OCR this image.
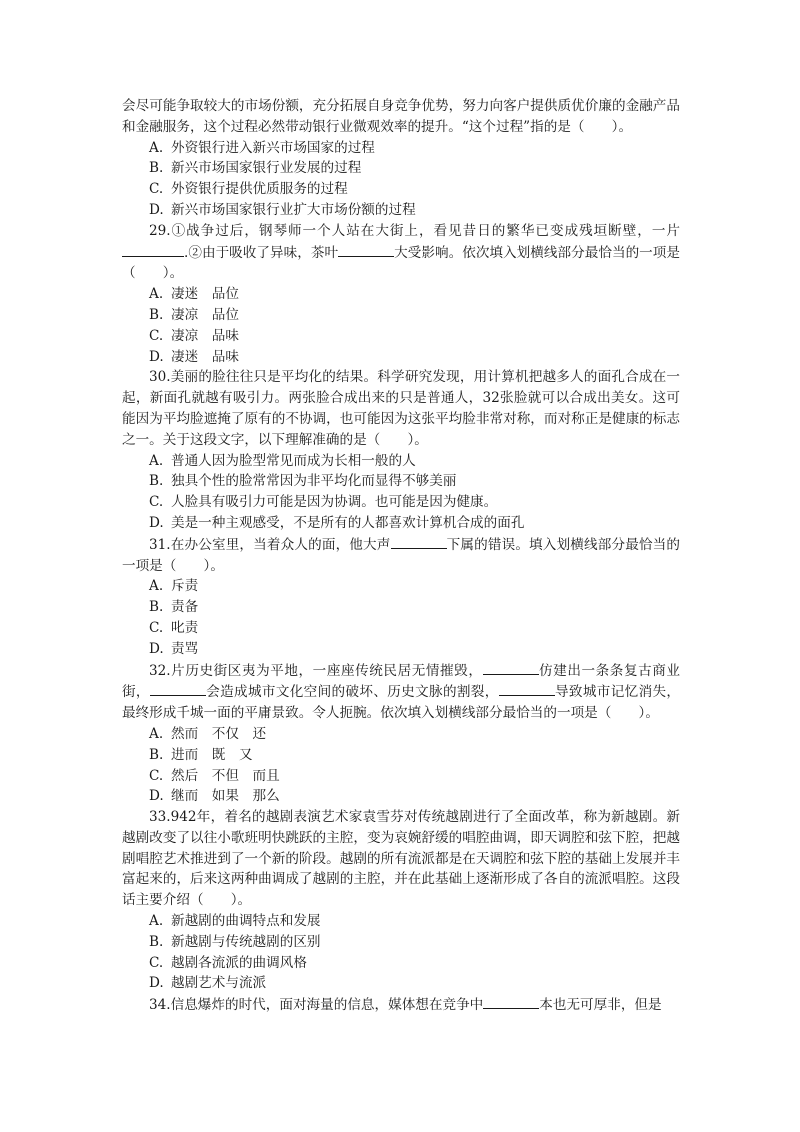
会尽可能争取较大的市场份额，充分拓展自身竞争优势，努力向客户提供质优价廉的金融产品和金融服务，这个过程必然带动银行业微观效率的提升。“这个过程”指的是（　　）。

A. 外资银行进入新兴市场国家的过程

B. 新兴市场国家银行业发展的过程

C. 外资银行提供优质服务的过程

D. 新兴市场国家银行业扩大市场份额的过程

29.①战争过后，钢琴师一个人站在大街上，看见昔日的繁华已变成残垣断壁，一片.②由于吸收了异味，茶叶	大受影响。依次填入划横线部分最恰当的一项是（　　）。

A. 凄迷　品位

B. 凄凉　品位

C. 凄凉　品味

D. 凄迷　品味

30.美丽的脸往往只是平均化的结果。科学研究发现，用计算机把越多人的面孔合成在一起，新面孔就越有吸引力。两张脸合成出来的只是普通人，32张脸就可以合成出美女。这可能因为平均脸遮掩了原有的不协调，也可能因为这张平均脸非常对称，而对称正是健康的标志之一。关于这段文字，以下理解准确的是（　　）。

A. 普通人因为脸型常见而成为长相一般的人

B. 独具个性的脸常常因为非平均化而显得不够美丽

C. 人脸具有吸引力可能是因为协调。也可能是因为健康。

D. 美是一种主观感受，不是所有的人都喜欢计算机合成的面孔

31.在办公室里，当着众人的面，他大声	下属的错误。填入划横线部分最恰当的一项是（　　）。

A. 斥责

B. 责备

C. 叱责

D. 责骂

32.片历史街区夷为平地，一座座传统民居无情摧毁，	仿建出一条条复古商业街，	会造成城市文化空间的破坏、历史文脉的割裂，	导致城市记忆消失，最终形成千城一面的平庸景致。令人扼腕。依次填入划横线部分最恰当的一项是（　　）。

A. 然而　不仅　还

B. 进而　既　又

C. 然后　不但　而且

D. 继而　如果　那么

33.942年，着名的越剧表演艺术家袁雪芬对传统越剧进行了全面改革，称为新越剧。新越剧改变了以往小歌班明快跳跃的主腔，变为哀婉舒缓的唱腔曲调，即天调腔和弦下腔，把越剧唱腔艺术推进到了一个新的阶段。越剧的所有流派都是在天调腔和弦下腔的基础上发展并丰富起来的，后来这两种曲调成了越剧的主腔，并在此基础上逐渐形成了各自的流派唱腔。这段话主要介绍（　　）。

A. 新越剧的曲调特点和发展

B. 新越剧与传统越剧的区别

C. 越剧各流派的曲调风格

D. 越剧艺术与流派

34.信息爆炸的时代，面对海量的信息，媒体想在竞争中	本也无可厚非，但是
